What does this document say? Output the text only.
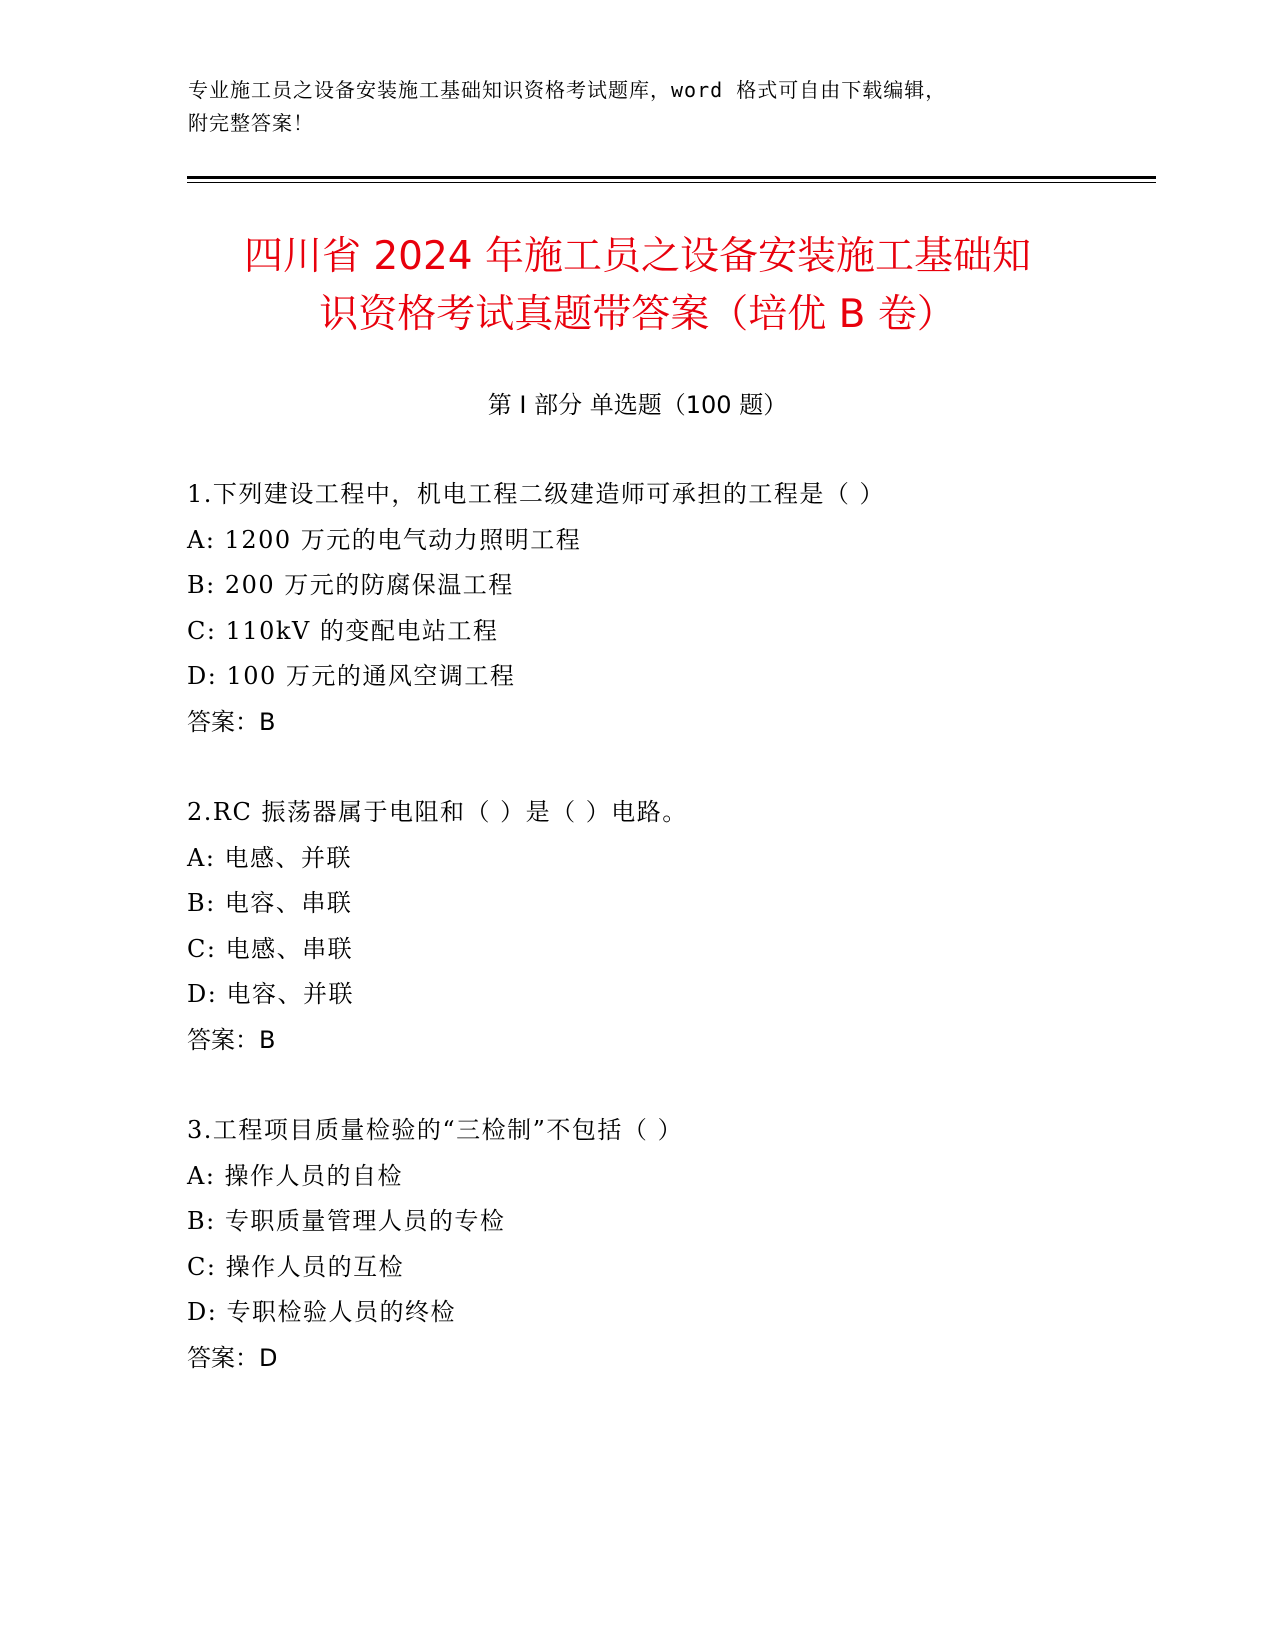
专业施工员之设备安装施工基础知识资格考试题库，word 格式可自由下载编辑，
附完整答案！
四川省 2024 年施工员之设备安装施工基础知
识资格考试真题带答案（培优 B 卷）
第 I 部分 单选题（100 题）
1.下列建设工程中，机电工程二级建造师可承担的工程是（ ）
A: 1200 万元的电气动力照明工程
B: 200 万元的防腐保温工程
C: 110kV 的变配电站工程
D: 100 万元的通风空调工程
答案：B
2.RC 振荡器属于电阻和（ ）是（ ）电路。
A: 电感、并联
B: 电容、串联
C: 电感、串联
D: 电容、并联
答案：B
3.工程项目质量检验的“三检制”不包括（ ）
A: 操作人员的自检
B: 专职质量管理人员的专检
C: 操作人员的互检
D: 专职检验人员的终检
答案：D
